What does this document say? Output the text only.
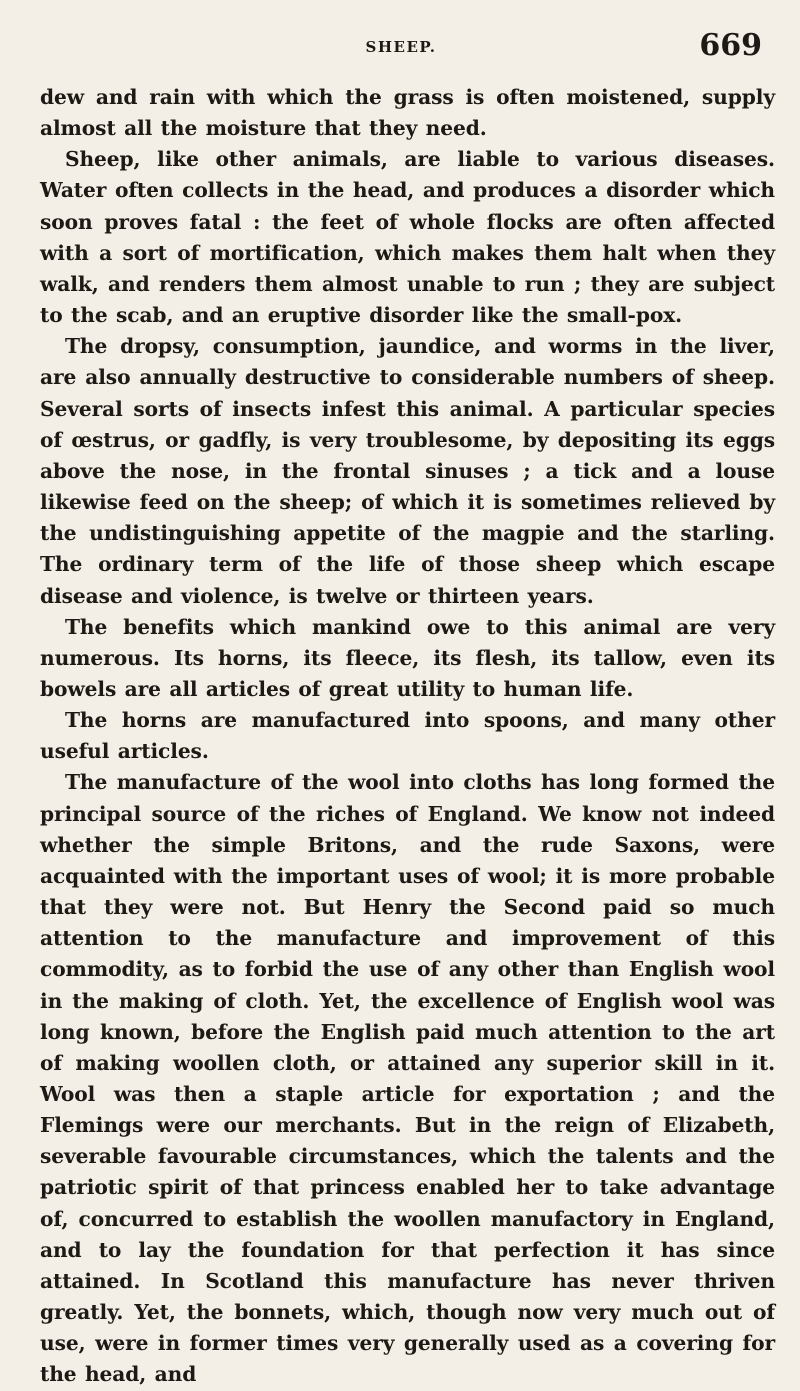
SHEEP.	669

dew and rain with which the grass is often moistened, supply almost all the moisture that they need.

Sheep, like other animals, are liable to various diseases. Water often collects in the head, and produces a disorder which soon proves fatal : the feet of whole flocks are often affected with a sort of mortification, which makes them halt when they walk, and renders them almost unable to run ; they are subject to the scab, and an eruptive disorder like the small-pox.

The dropsy, consumption, jaundice, and worms in the liver, are also annually destructive to considerable numbers of sheep. Several sorts of insects infest this animal. A particular species of œstrus, or gadfly, is very troublesome, by depositing its eggs above the nose, in the frontal sinuses ; a tick and a louse likewise feed on the sheep; of which it is sometimes relieved by the undistinguishing appetite of the magpie and the starling. The ordinary term of the life of those sheep which escape disease and violence, is twelve or thirteen years.

The benefits which mankind owe to this animal are very numerous. Its horns, its fleece, its flesh, its tallow, even its bowels are all articles of great utility to human life.

The horns are manufactured into spoons, and many other useful articles.

The manufacture of the wool into cloths has long formed the principal source of the riches of England. We know not indeed whether the simple Britons, and the rude Saxons, were acquainted with the important uses of wool; it is more probable that they were not. But Henry the Second paid so much attention to the manufacture and improvement of this commodity, as to forbid the use of any other than English wool in the making of cloth. Yet, the excellence of English wool was long known, before the English paid much attention to the art of making woollen cloth, or attained any superior skill in it. Wool was then a staple article for exportation ; and the Flemings were our merchants. But in the reign of Elizabeth, severable favourable circumstances, which the talents and the patriotic spirit of that princess enabled her to take advantage of, concurred to establish the woollen manufactory in England, and to lay the foundation for that perfection it has since attained. In Scotland this manufacture has never thriven greatly. Yet, the bonnets, which, though now very much out of use, were in former times very generally used as a covering for the head, and
